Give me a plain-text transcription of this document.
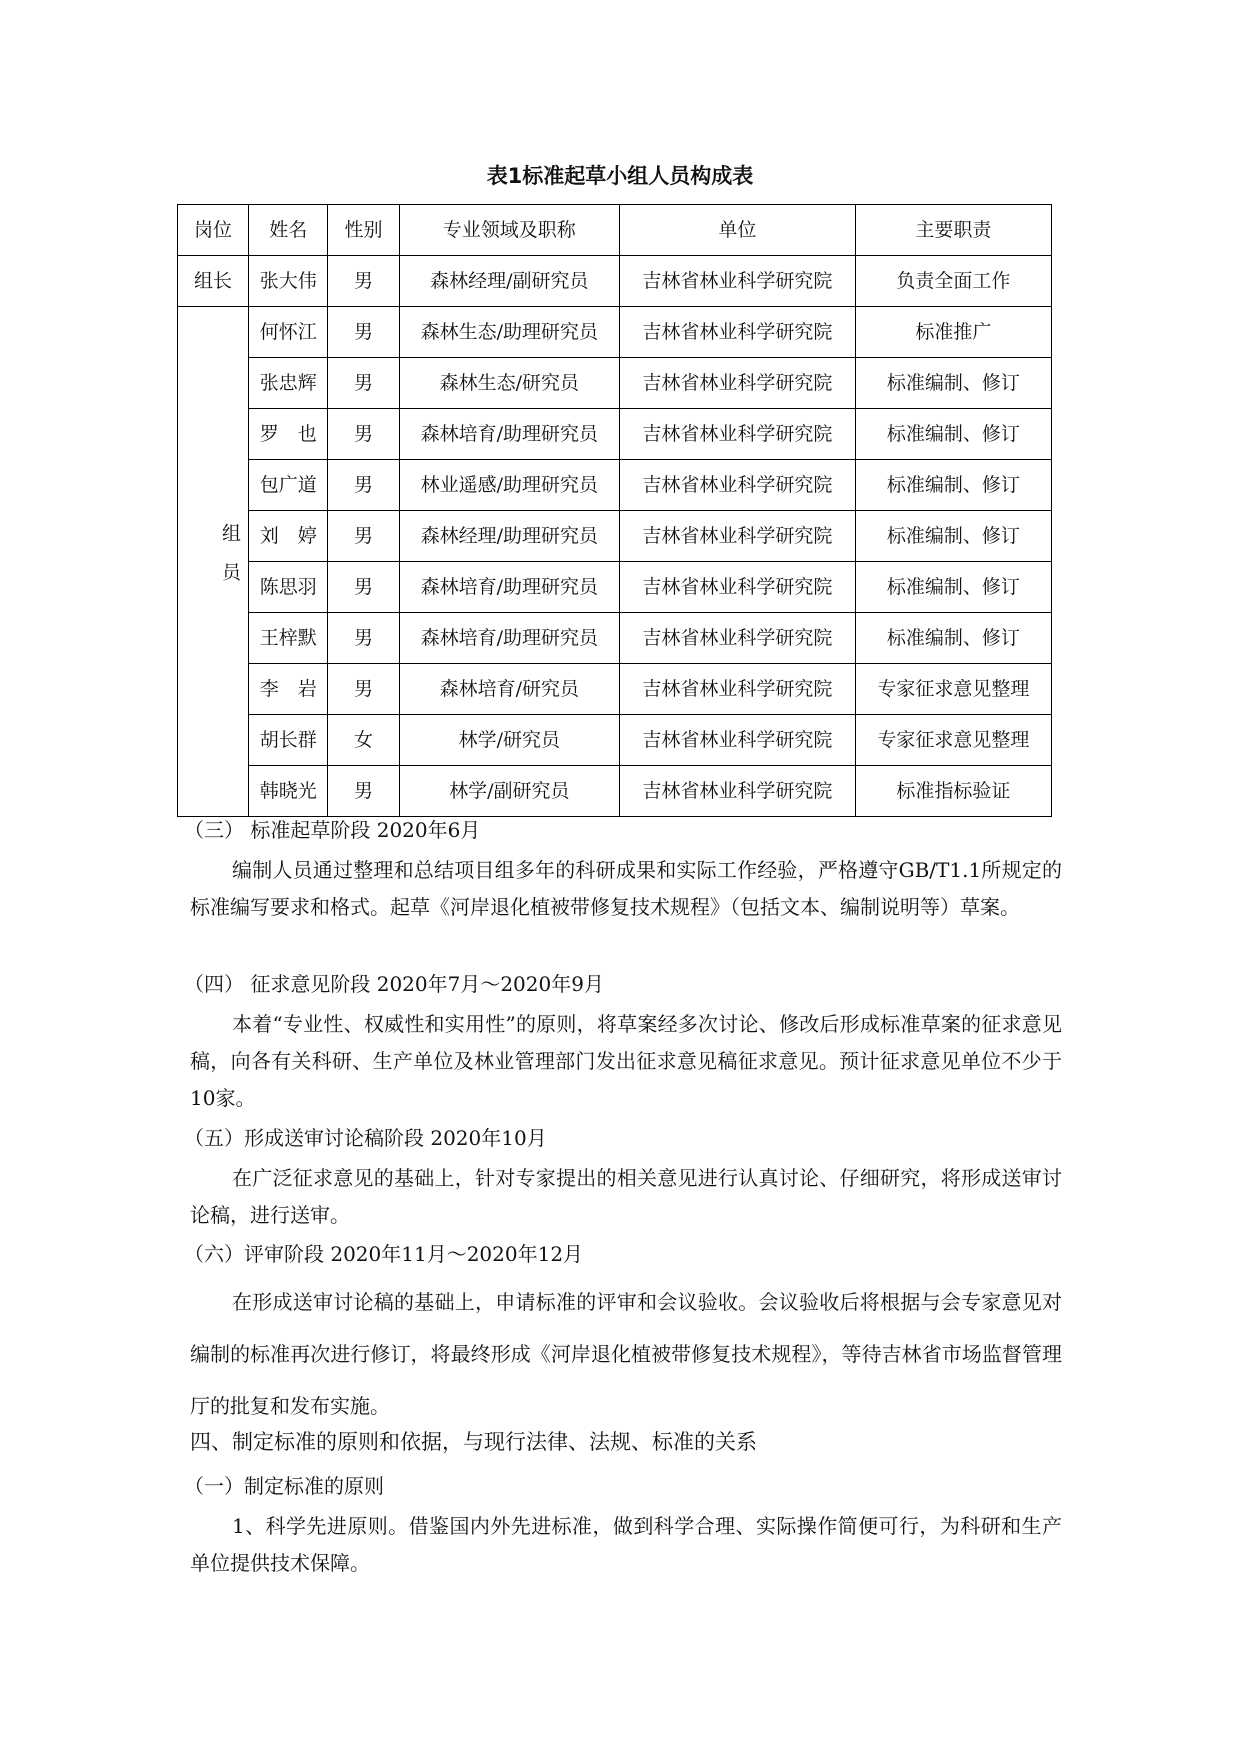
表1标准起草小组人员构成表
岗位	姓名	性别	专业领域及职称	单位	主要职责
组长	张大伟	男	森林经理/副研究员	吉林省林业科学研究院	负责全面工作

组员	何怀江	男	森林生态/助理研究员	吉林省林业科学研究院	标准推广
	张忠辉	男	森林生态/研究员	吉林省林业科学研究院	标准编制、修订
	罗　也	男	森林培育/助理研究员	吉林省林业科学研究院	标准编制、修订
	包广道	男	林业遥感/助理研究员	吉林省林业科学研究院	标准编制、修订
	刘　婷	男	森林经理/助理研究员	吉林省林业科学研究院	标准编制、修订
	陈思羽	男	森林培育/助理研究员	吉林省林业科学研究院	标准编制、修订
	王梓默	男	森林培育/助理研究员	吉林省林业科学研究院	标准编制、修订
	李　岩	男	森林培育/研究员	吉林省林业科学研究院	专家征求意见整理
	胡长群	女	林学/研究员	吉林省林业科学研究院	专家征求意见整理
	韩晓光	男	林学/副研究员	吉林省林业科学研究院	标准指标验证
（三） 标准起草阶段 2020年6月
编制人员通过整理和总结项目组多年的科研成果和实际工作经验，严格遵守GB/T1.1所规定的标准编写要求和格式。起草《河岸退化植被带修复技术规程》（包括文本、编制说明等）草案。
（四） 征求意见阶段 2020年7月～2020年9月
本着“专业性、权威性和实用性”的原则，将草案经多次讨论、修改后形成标准草案的征求意见稿，向各有关科研、生产单位及林业管理部门发出征求意见稿征求意见。预计征求意见单位不少于10家。
（五）形成送审讨论稿阶段 2020年10月
在广泛征求意见的基础上，针对专家提出的相关意见进行认真讨论、仔细研究，将形成送审讨论稿，进行送审。
（六）评审阶段 2020年11月～2020年12月
在形成送审讨论稿的基础上，申请标准的评审和会议验收。会议验收后将根据与会专家意见对编制的标准再次进行修订，将最终形成《河岸退化植被带修复技术规程》，等待吉林省市场监督管理厅的批复和发布实施。
四、制定标准的原则和依据，与现行法律、法规、标准的关系
（一）制定标准的原则
1、科学先进原则。借鉴国内外先进标准，做到科学合理、实际操作简便可行，为科研和生产单位提供技术保障。
